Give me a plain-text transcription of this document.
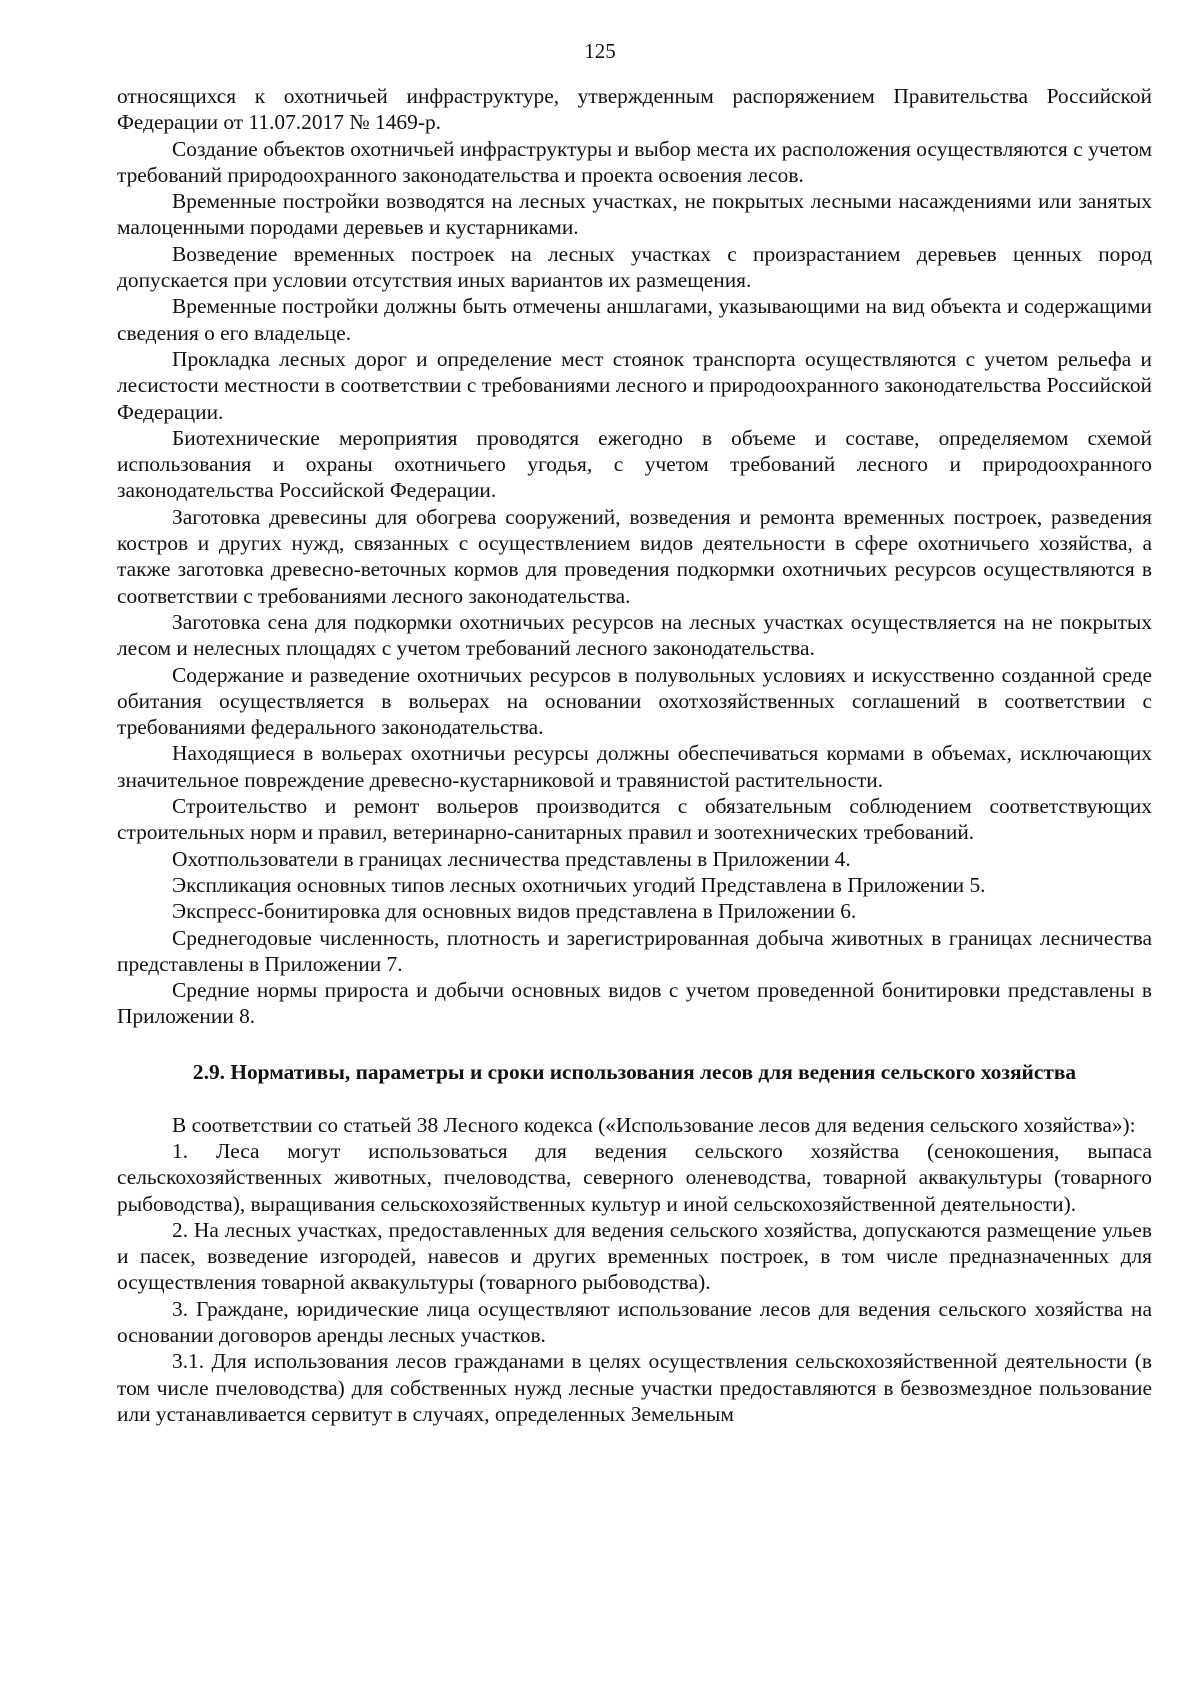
125

относящихся к охотничьей инфраструктуре, утвержденным распоряжением Правительства Российской Федерации от 11.07.2017 № 1469-р.

Создание объектов охотничьей инфраструктуры и выбор места их расположения осуществляются с учетом требований природоохранного законодательства и проекта освоения лесов.

Временные постройки возводятся на лесных участках, не покрытых лесными насаждениями или занятых малоценными породами деревьев и кустарниками.

Возведение временных построек на лесных участках с произрастанием деревьев ценных пород допускается при условии отсутствия иных вариантов их размещения.

Временные постройки должны быть отмечены аншлагами, указывающими на вид объекта и содержащими сведения о его владельце.

Прокладка лесных дорог и определение мест стоянок транспорта осуществляются с учетом рельефа и лесистости местности в соответствии с требованиями лесного и природоохранного законодательства Российской Федерации.

Биотехнические мероприятия проводятся ежегодно в объеме и составе, определяемом схемой использования и охраны охотничьего угодья, с учетом требований лесного и природоохранного законодательства Российской Федерации.

Заготовка древесины для обогрева сооружений, возведения и ремонта временных построек, разведения костров и других нужд, связанных с осуществлением видов деятельности в сфере охотничьего хозяйства, а также заготовка древесно-веточных кормов для проведения подкормки охотничьих ресурсов осуществляются в соответствии с требованиями лесного законодательства.

Заготовка сена для подкормки охотничьих ресурсов на лесных участках осуществляется на не покрытых лесом и нелесных площадях с учетом требований лесного законодательства.

Содержание и разведение охотничьих ресурсов в полувольных условиях и искусственно созданной среде обитания осуществляется в вольерах на основании охотхозяйственных соглашений в соответствии с требованиями федерального законодательства.

Находящиеся в вольерах охотничьи ресурсы должны обеспечиваться кормами в объемах, исключающих значительное повреждение древесно-кустарниковой и травянистой растительности.

Строительство и ремонт вольеров производится с обязательным соблюдением соответствующих строительных норм и правил, ветеринарно-санитарных правил и зоотехнических требований.

Охотпользователи в границах лесничества представлены в Приложении 4.

Экспликация основных типов лесных охотничьих угодий Представлена в Приложении 5.

Экспресс-бонитировка для основных видов представлена в Приложении 6.

Среднегодовые численность, плотность и зарегистрированная добыча животных в границах лесничества представлены в Приложении 7.

Средние нормы прироста и добычи основных видов с учетом проведенной бонитировки представлены в Приложении 8.

2.9. Нормативы, параметры и сроки использования лесов для ведения сельского хозяйства

В соответствии со статьей 38 Лесного кодекса («Использование лесов для ведения сельского хозяйства»):

1. Леса могут использоваться для ведения сельского хозяйства (сенокошения, выпаса сельскохозяйственных животных, пчеловодства, северного оленеводства, товарной аквакультуры (товарного рыбоводства), выращивания сельскохозяйственных культур и иной сельскохозяйственной деятельности).

2. На лесных участках, предоставленных для ведения сельского хозяйства, допускаются размещение ульев и пасек, возведение изгородей, навесов и других временных построек, в том числе предназначенных для осуществления товарной аквакультуры (товарного рыбоводства).

3. Граждане, юридические лица осуществляют использование лесов для ведения сельского хозяйства на основании договоров аренды лесных участков.

3.1. Для использования лесов гражданами в целях осуществления сельскохозяйственной деятельности (в том числе пчеловодства) для собственных нужд лесные участки предоставляются в безвозмездное пользование или устанавливается сервитут в случаях, определенных Земельным
